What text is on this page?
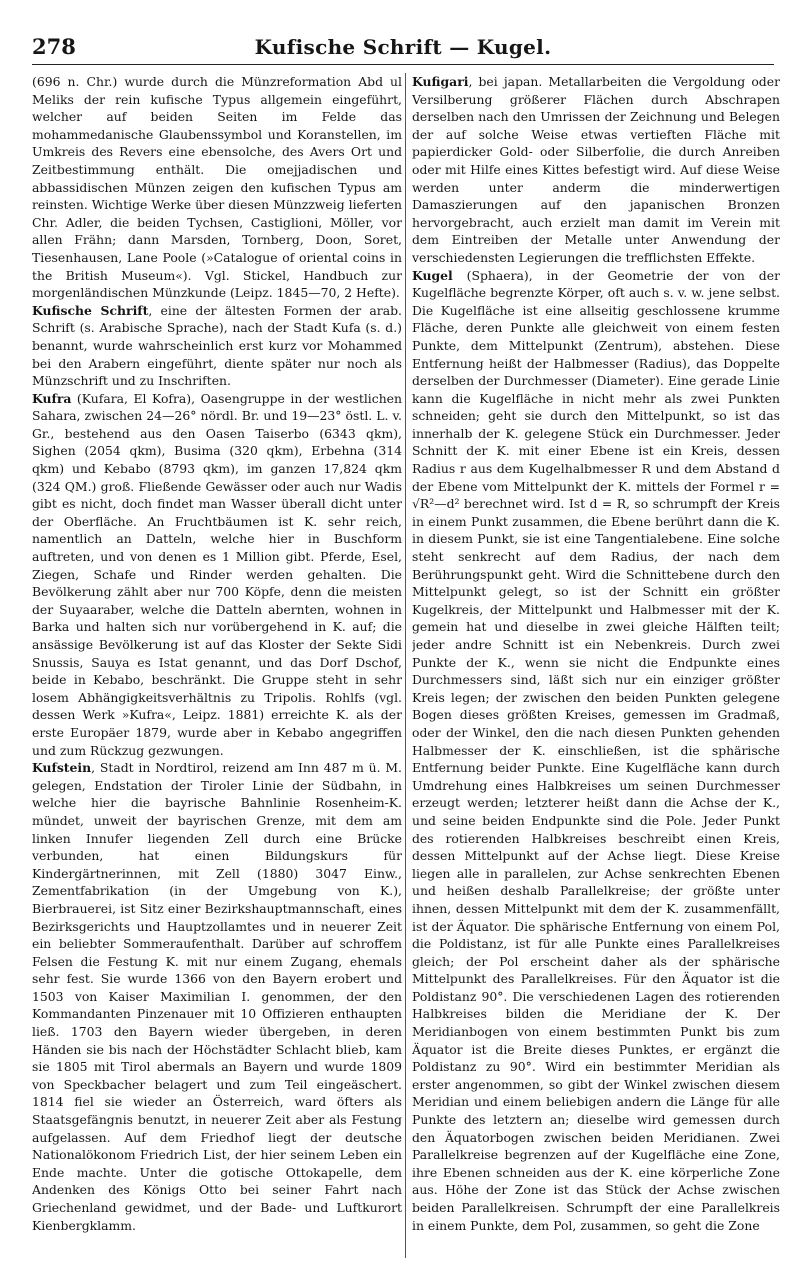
278	Kufische Schrift — Kugel.

(696 n. Chr.) wurde durch die Münzreformation Abd ul Meliks der rein kufische Typus allgemein eingeführt, welcher auf beiden Seiten im Felde das mohammedanische Glaubenssymbol und Koranstellen, im Umkreis des Revers eine ebensolche, des Avers Ort und Zeitbestimmung enthält. Die omejjadischen und abbassidischen Münzen zeigen den kufischen Typus am reinsten. Wichtige Werke über diesen Münzzweig lieferten Chr. Adler, die beiden Tychsen, Castiglioni, Möller, vor allen Frähn; dann Marsden, Tornberg, Doon, Soret, Tiesenhausen, Lane Poole (»Catalogue of oriental coins in the British Museum«). Vgl. Stickel, Handbuch zur morgenländischen Münzkunde (Leipz. 1845—70, 2 Hefte).

Kufische Schrift, eine der ältesten Formen der arab. Schrift (s. Arabische Sprache), nach der Stadt Kufa (s. d.) benannt, wurde wahrscheinlich erst kurz vor Mohammed bei den Arabern eingeführt, diente später nur noch als Münzschrift und zu Inschriften.

Kufra (Kufara, El Kofra), Oasengruppe in der westlichen Sahara, zwischen 24—26° nördl. Br. und 19—23° östl. L. v. Gr., bestehend aus den Oasen Taiserbo (6343 qkm), Sighen (2054 qkm), Busima (320 qkm), Erbehna (314 qkm) und Kebabo (8793 qkm), im ganzen 17,824 qkm (324 QM.) groß. Fließende Gewässer oder auch nur Wadis gibt es nicht, doch findet man Wasser überall dicht unter der Oberfläche. An Fruchtbäumen ist K. sehr reich, namentlich an Datteln, welche hier in Buschform auftreten, und von denen es 1 Million gibt. Pferde, Esel, Ziegen, Schafe und Rinder werden gehalten. Die Bevölkerung zählt aber nur 700 Köpfe, denn die meisten der Suyaaraber, welche die Datteln abernten, wohnen in Barka und halten sich nur vorübergehend in K. auf; die ansässige Bevölkerung ist auf das Kloster der Sekte Sidi Snussis, Sauya es Istat genannt, und das Dorf Dschof, beide in Kebabo, beschränkt. Die Gruppe steht in sehr losem Abhängigkeitsverhältnis zu Tripolis. Rohlfs (vgl. dessen Werk »Kufra«, Leipz. 1881) erreichte K. als der erste Europäer 1879, wurde aber in Kebabo angegriffen und zum Rückzug gezwungen.

Kufstein, Stadt in Nordtirol, reizend am Inn 487 m ü. M. gelegen, Endstation der Tiroler Linie der Südbahn, in welche hier die bayrische Bahnlinie Rosenheim-K. mündet, unweit der bayrischen Grenze, mit dem am linken Innufer liegenden Zell durch eine Brücke verbunden, hat einen Bildungskurs für Kindergärtnerinnen, mit Zell (1880) 3047 Einw., Zementfabrikation (in der Umgebung von K.), Bierbrauerei, ist Sitz einer Bezirkshauptmannschaft, eines Bezirksgerichts und Hauptzollamtes und in neuerer Zeit ein beliebter Sommeraufenthalt. Darüber auf schroffem Felsen die Festung K. mit nur einem Zugang, ehemals sehr fest. Sie wurde 1366 von den Bayern erobert und 1503 von Kaiser Maximilian I. genommen, der den Kommandanten Pinzenauer mit 10 Offizieren enthaupten ließ. 1703 den Bayern wieder übergeben, in deren Händen sie bis nach der Höchstädter Schlacht blieb, kam sie 1805 mit Tirol abermals an Bayern und wurde 1809 von Speckbacher belagert und zum Teil eingeäschert. 1814 fiel sie wieder an Österreich, ward öfters als Staatsgefängnis benutzt, in neuerer Zeit aber als Festung aufgelassen. Auf dem Friedhof liegt der deutsche Nationalökonom Friedrich List, der hier seinem Leben ein Ende machte. Unter die gotische Ottokapelle, dem Andenken des Königs Otto bei seiner Fahrt nach Griechenland gewidmet, und der Bade- und Luftkurort Kienbergklamm.

Kufigari, bei japan. Metallarbeiten die Vergoldung oder Versilberung größerer Flächen durch Abschrapen derselben nach den Umrissen der Zeichnung und Belegen der auf solche Weise etwas vertieften Fläche mit papierdicker Gold- oder Silberfolie, die durch Anreiben oder mit Hilfe eines Kittes befestigt wird. Auf diese Weise werden unter anderm die minderwertigen Damaszierungen auf den japanischen Bronzen hervorgebracht, auch erzielt man damit im Verein mit dem Eintreiben der Metalle unter Anwendung der verschiedensten Legierungen die trefflichsten Effekte.

Kugel (Sphaera), in der Geometrie der von der Kugelfläche begrenzte Körper, oft auch s. v. w. jene selbst. Die Kugelfläche ist eine allseitig geschlossene krumme Fläche, deren Punkte alle gleichweit von einem festen Punkte, dem Mittelpunkt (Zentrum), abstehen. Diese Entfernung heißt der Halbmesser (Radius), das Doppelte derselben der Durchmesser (Diameter). Eine gerade Linie kann die Kugelfläche in nicht mehr als zwei Punkten schneiden; geht sie durch den Mittelpunkt, so ist das innerhalb der K. gelegene Stück ein Durchmesser. Jeder Schnitt der K. mit einer Ebene ist ein Kreis, dessen Radius r aus dem Kugelhalbmesser R und dem Abstand d der Ebene vom Mittelpunkt der K. mittels der Formel r = √R²—d² berechnet wird. Ist d = R, so schrumpft der Kreis in einem Punkt zusammen, die Ebene berührt dann die K. in diesem Punkt, sie ist eine Tangentialebene. Eine solche steht senkrecht auf dem Radius, der nach dem Berührungspunkt geht. Wird die Schnittebene durch den Mittelpunkt gelegt, so ist der Schnitt ein größter Kugelkreis, der Mittelpunkt und Halbmesser mit der K. gemein hat und dieselbe in zwei gleiche Hälften teilt; jeder andre Schnitt ist ein Nebenkreis. Durch zwei Punkte der K., wenn sie nicht die Endpunkte eines Durchmessers sind, läßt sich nur ein einziger größter Kreis legen; der zwischen den beiden Punkten gelegene Bogen dieses größten Kreises, gemessen im Gradmaß, oder der Winkel, den die nach diesen Punkten gehenden Halbmesser der K. einschließen, ist die sphärische Entfernung beider Punkte. Eine Kugelfläche kann durch Umdrehung eines Halbkreises um seinen Durchmesser erzeugt werden; letzterer heißt dann die Achse der K., und seine beiden Endpunkte sind die Pole. Jeder Punkt des rotierenden Halbkreises beschreibt einen Kreis, dessen Mittelpunkt auf der Achse liegt. Diese Kreise liegen alle in parallelen, zur Achse senkrechten Ebenen und heißen deshalb Parallelkreise; der größte unter ihnen, dessen Mittelpunkt mit dem der K. zusammenfällt, ist der Äquator. Die sphärische Entfernung von einem Pol, die Poldistanz, ist für alle Punkte eines Parallelkreises gleich; der Pol erscheint daher als der sphärische Mittelpunkt des Parallelkreises. Für den Äquator ist die Poldistanz 90°. Die verschiedenen Lagen des rotierenden Halbkreises bilden die Meridiane der K. Der Meridianbogen von einem bestimmten Punkt bis zum Äquator ist die Breite dieses Punktes, er ergänzt die Poldistanz zu 90°. Wird ein bestimmter Meridian als erster angenommen, so gibt der Winkel zwischen diesem Meridian und einem beliebigen andern die Länge für alle Punkte des letztern an; dieselbe wird gemessen durch den Äquatorbogen zwischen beiden Meridianen. Zwei Parallelkreise begrenzen auf der Kugelfläche eine Zone, ihre Ebenen schneiden aus der K. eine körperliche Zone aus. Höhe der Zone ist das Stück der Achse zwischen beiden Parallelkreisen. Schrumpft der eine Parallelkreis in einem Punkte, dem Pol, zusammen, so geht die Zone
